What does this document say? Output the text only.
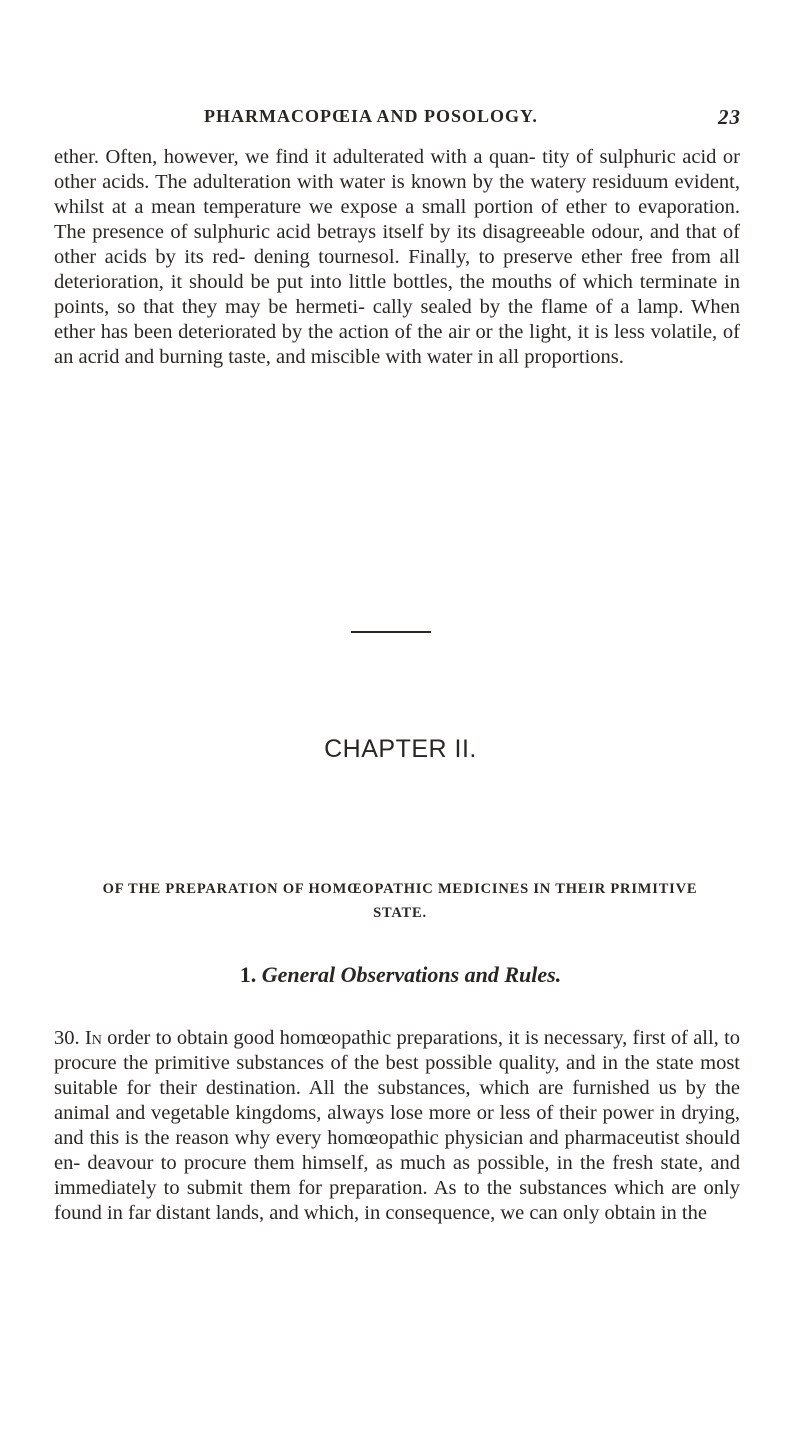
PHARMACOPŒIA AND POSOLOGY.	23
ether. Often, however, we find it adulterated with a quan- tity of sulphuric acid or other acids. The adulteration with water is known by the watery residuum evident, whilst at a mean temperature we expose a small portion of ether to evaporation. The presence of sulphuric acid betrays itself by its disagreeable odour, and that of other acids by its red- dening tournesol. Finally, to preserve ether free from all deterioration, it should be put into little bottles, the mouths of which terminate in points, so that they may be hermeti- cally sealed by the flame of a lamp. When ether has been deteriorated by the action of the air or the light, it is less volatile, of an acrid and burning taste, and miscible with water in all proportions.
CHAPTER II.
OF THE PREPARATION OF HOMŒOPATHIC MEDICINES IN THEIR PRIMITIVE STATE.
1. General Observations and Rules.
30. In order to obtain good homœopathic preparations, it is necessary, first of all, to procure the primitive substances of the best possible quality, and in the state most suitable for their destination. All the substances, which are furnished us by the animal and vegetable kingdoms, always lose more or less of their power in drying, and this is the reason why every homœopathic physician and pharmaceutist should en- deavour to procure them himself, as much as possible, in the fresh state, and immediately to submit them for preparation. As to the substances which are only found in far distant lands, and which, in consequence, we can only obtain in the
